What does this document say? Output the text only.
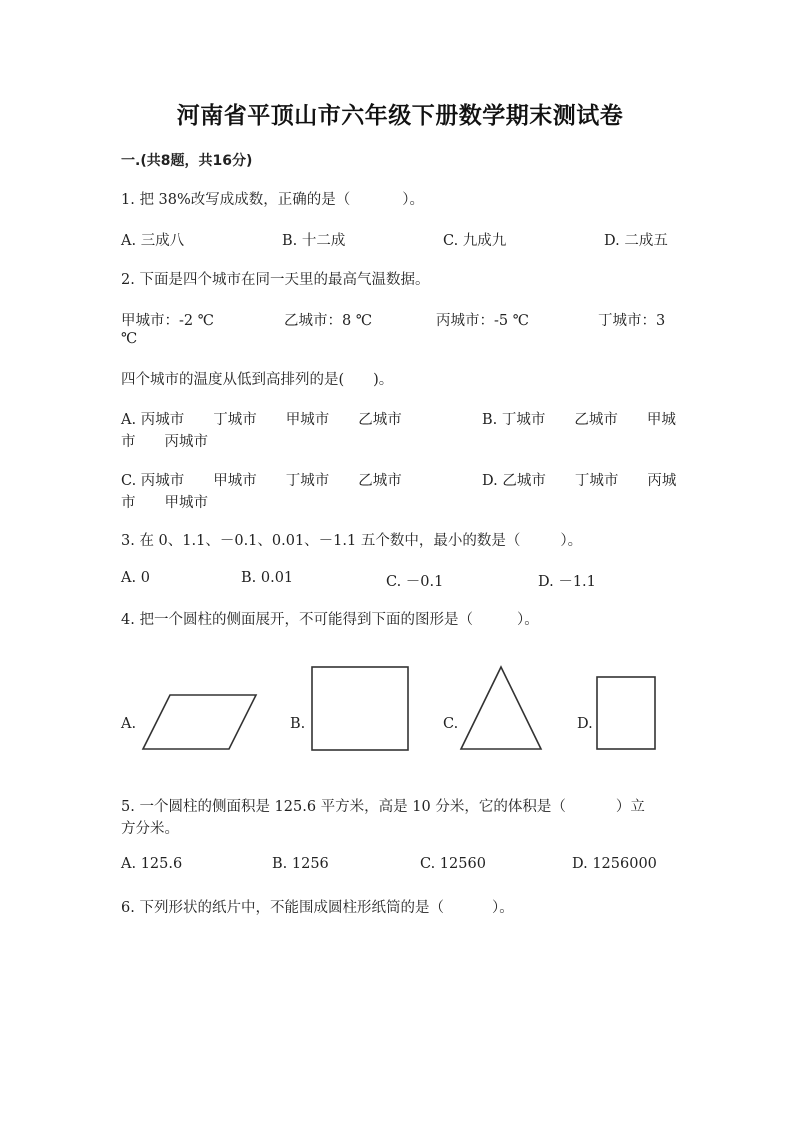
河南省平顶山市六年级下册数学期末测试卷
一.(共8题，共16分)
1. 把 38%改写成成数，正确的是（	）。
A. 三成八	B. 十二成	C. 九成九	D. 二成五
2. 下面是四个城市在同一天里的最高气温数据。
甲城市：-2 ℃	乙城市：8 ℃	丙城市：-5 ℃	丁城市：3
℃
四个城市的温度从低到高排列的是(　　)。
A. 丙城市　　丁城市　　甲城市　　乙城市	B. 丁城市　　乙城市　　甲城
市　　丙城市
C. 丙城市　　甲城市　　丁城市　　乙城市	D. 乙城市　　丁城市　　丙城
市　　甲城市
3. 在 0、1.1、－0.1、0.01、－1.1 五个数中，最小的数是（	）。
A. 0	B. 0.01	C. －0.1	D. －1.1
4. 把一个圆柱的侧面展开，不可能得到下面的图形是（	）。
A.	B.	C.	D.
5. 一个圆柱的侧面积是 125.6 平方米，高是 10 分米，它的体积是（	）立
方分米。
A. 125.6	B. 1256	C. 12560	D. 1256000
6. 下列形状的纸片中，不能围成圆柱形纸筒的是（	）。
